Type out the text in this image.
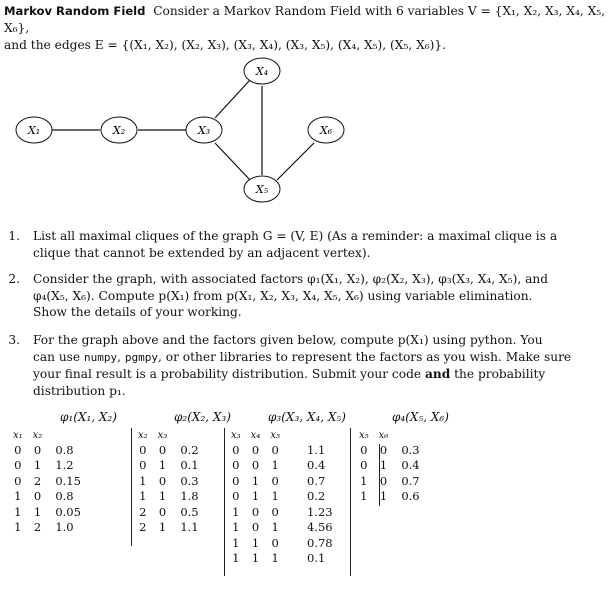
Markov Random Field Consider a Markov Random Field with 6 variables V = {X₁, X₂, X₃, X₄, X₅, X₆},
and the edges E = {(X₁, X₂), (X₂, X₃), (X₃, X₄), (X₃, X₅), (X₄, X₅), (X₅, X₆)}.
X₁	X₂	X₃
X₄
X₅
X₆
1. List all maximal cliques of the graph G = (V, E) (As a reminder: a maximal clique is a
clique that cannot be extended by an adjacent vertex).
2. Consider the graph, with associated factors φ₁(X₁, X₂), φ₂(X₂, X₃), φ₃(X₃, X₄, X₅), and
φ₄(X₅, X₆). Compute p(X₁) from p(X₁, X₂, X₃, X₄, X₅, X₆) using variable elimination.
Show the details of your working.
3. For the graph above and the factors given below, compute p(X₁) using python. You
can use numpy, pgmpy, or other libraries to represent the factors as you wish. Make sure
your final result is a probability distribution. Submit your code and the probability
distribution p₁.
φ₁(X₁, X₂)
x₁	x₂	
0	0	0.8
0	1	1.2
0	2	0.15
1	0	0.8
1	1	0.05
1	2	1.0
φ₂(X₂, X₃)
x₂	x₃	
0	0	0.2
0	1	0.1
1	0	0.3
1	1	1.8
2	0	0.5
2	1	1.1
φ₃(X₃, X₄, X₅)
x₃	x₄	x₅	
0	0	0	1.1
0	0	1	0.4
0	1	0	0.7
0	1	1	0.2
1	0	0	1.23
1	0	1	4.56
1	1	0	0.78
1	1	1	0.1
φ₄(X₅, X₆)
x₅	x₆	
0	0	0.3
0	1	0.4
1	0	0.7
1	1	0.6
